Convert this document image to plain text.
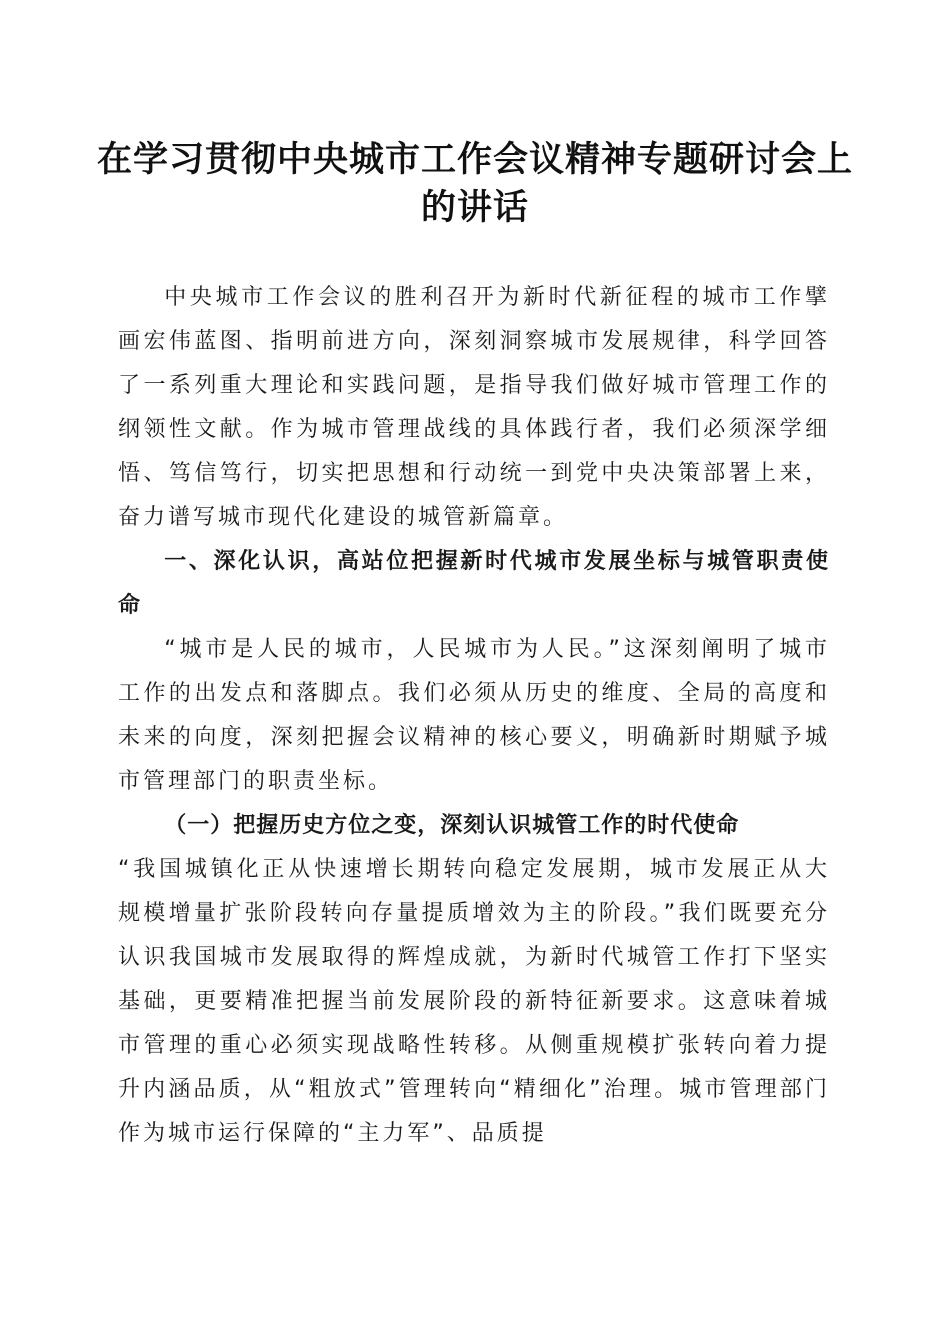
在学习贯彻中央城市工作会议精神专题研讨会上的讲话

中央城市工作会议的胜利召开为新时代新征程的城市工作擘画宏伟蓝图、指明前进方向，深刻洞察城市发展规律，科学回答了一系列重大理论和实践问题，是指导我们做好城市管理工作的纲领性文献。作为城市管理战线的具体践行者，我们必须深学细悟、笃信笃行，切实把思想和行动统一到党中央决策部署上来，奋力谱写城市现代化建设的城管新篇章。

一、深化认识，高站位把握新时代城市发展坐标与城管职责使命

“城市是人民的城市，人民城市为人民。”这深刻阐明了城市工作的出发点和落脚点。我们必须从历史的维度、全局的高度和未来的向度，深刻把握会议精神的核心要义，明确新时期赋予城市管理部门的职责坐标。

（一）把握历史方位之变，深刻认识城管工作的时代使命

“我国城镇化正从快速增长期转向稳定发展期，城市发展正从大规模增量扩张阶段转向存量提质增效为主的阶段。”我们既要充分认识我国城市发展取得的辉煌成就，为新时代城管工作打下坚实基础，更要精准把握当前发展阶段的新特征新要求。这意味着城市管理的重心必须实现战略性转移。从侧重规模扩张转向着力提升内涵品质，从“粗放式”管理转向“精细化”治理。城市管理部门作为城市运行保障的“主力军”、品质提
